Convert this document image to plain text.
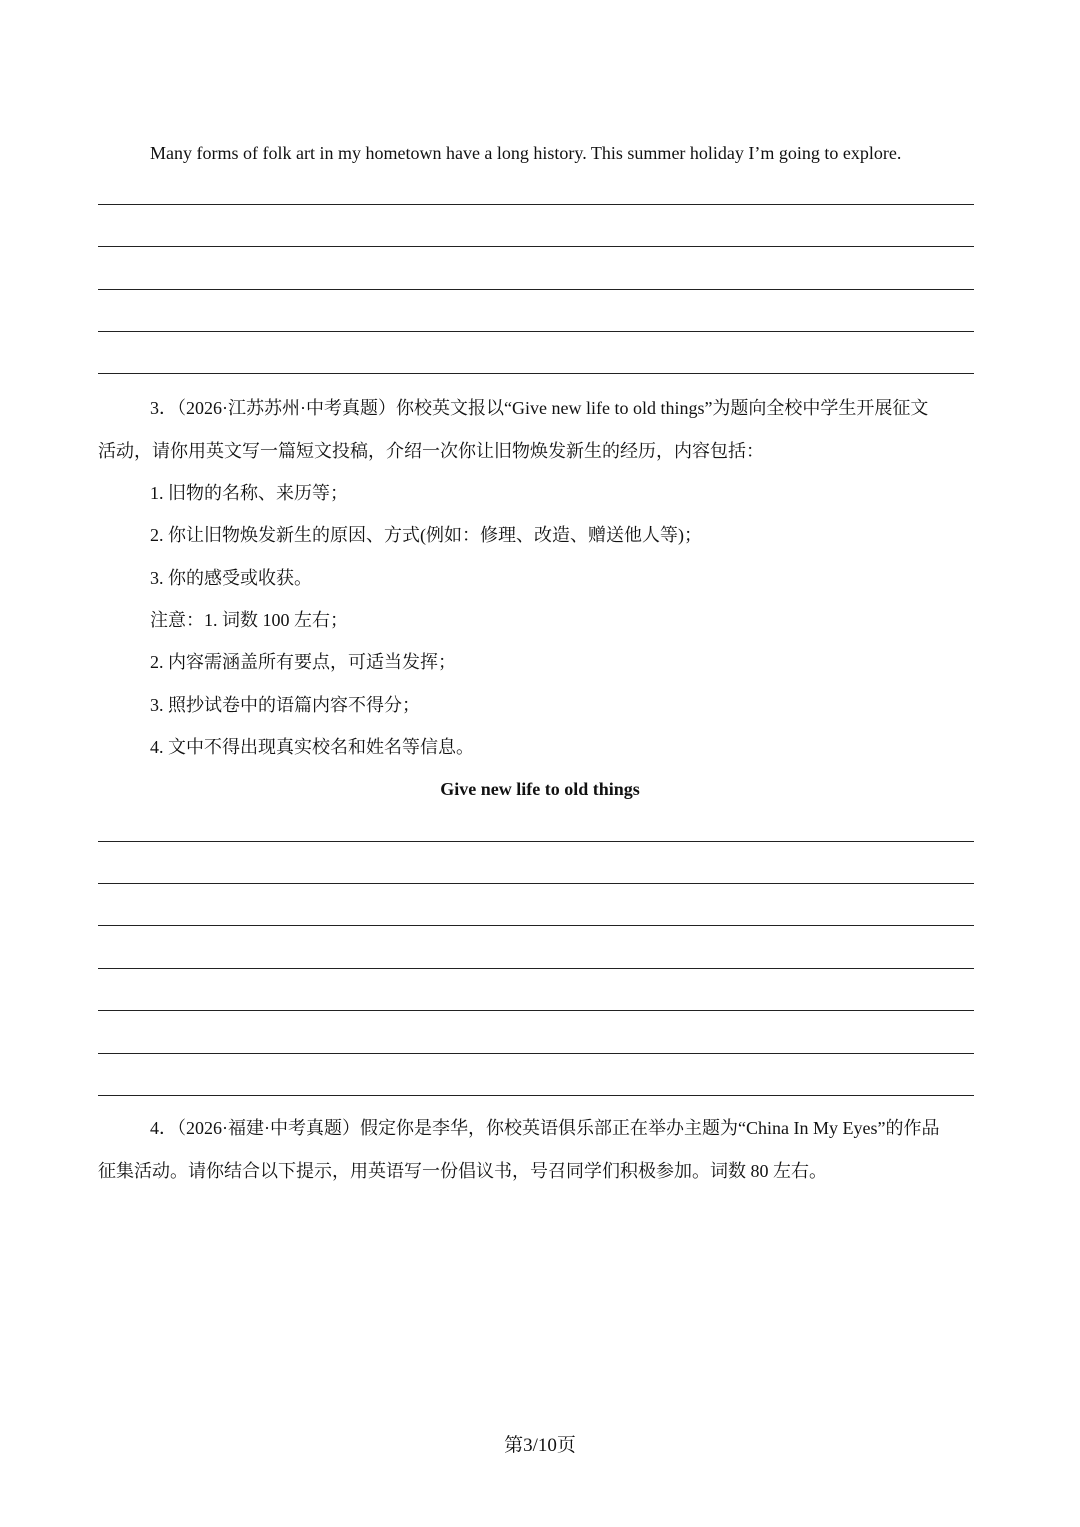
Many forms of folk art in my hometown have a long history. This summer holiday I’m going to explore.
3．（2026·江苏苏州·中考真题）你校英文报以“Give new life to old things”为题向全校中学生开展征文
活动，请你用英文写一篇短文投稿，介绍一次你让旧物焕发新生的经历，内容包括：
1. 旧物的名称、来历等；
2. 你让旧物焕发新生的原因、方式(例如：修理、改造、赠送他人等)；
3. 你的感受或收获。
注意：1. 词数 100 左右；
2. 内容需涵盖所有要点，可适当发挥；
3. 照抄试卷中的语篇内容不得分；
4. 文中不得出现真实校名和姓名等信息。
Give new life to old things
4．（2026·福建·中考真题）假定你是李华，你校英语俱乐部正在举办主题为“China In My Eyes”的作品
征集活动。请你结合以下提示，用英语写一份倡议书，号召同学们积极参加。词数 80 左右。
第3/10页
